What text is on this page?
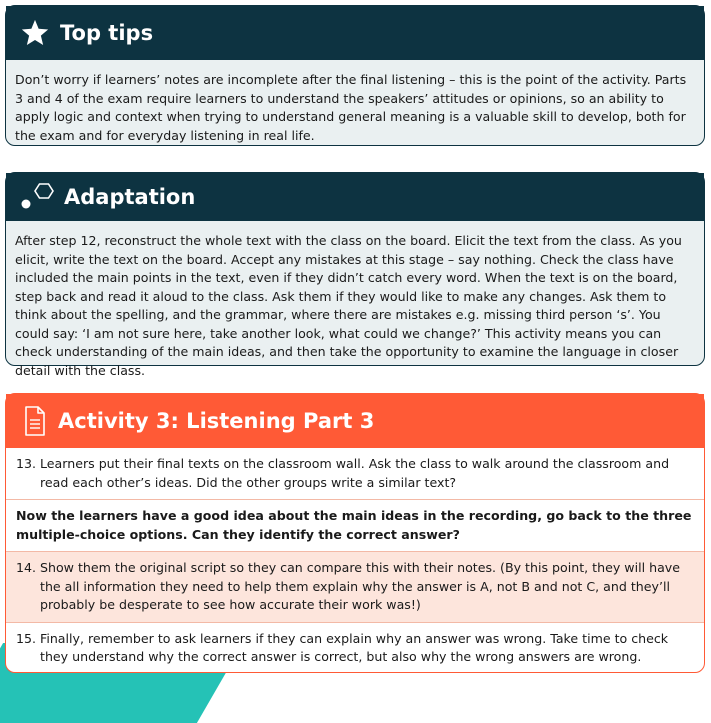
Top tips
Don’t worry if learners’ notes are incomplete after the final listening – this is the point of the activity. Parts 3 and 4 of the exam require learners to understand the speakers’ attitudes or opinions, so an ability to apply logic and context when trying to understand general meaning is a valuable skill to develop, both for the exam and for everyday listening in real life.
Adaptation
After step 12, reconstruct the whole text with the class on the board. Elicit the text from the class. As you elicit, write the text on the board. Accept any mistakes at this stage – say nothing. Check the class have included the main points in the text, even if they didn’t catch every word. When the text is on the board, step back and read it aloud to the class. Ask them if they would like to make any changes. Ask them to think about the spelling, and the grammar, where there are mistakes e.g. missing third person ‘s’. You could say: ‘I am not sure here, take another look, what could we change?’ This activity means you can check understanding of the main ideas, and then take the opportunity to examine the language in closer detail with the class.
Activity 3: Listening Part 3
13. Learners put their final texts on the classroom wall. Ask the class to walk around the classroom and read each other’s ideas. Did the other groups write a similar text?
Now the learners have a good idea about the main ideas in the recording, go back to the three multiple-choice options. Can they identify the correct answer?
14. Show them the original script so they can compare this with their notes. (By this point, they will have the all information they need to help them explain why the answer is A, not B and not C, and they’ll probably be desperate to see how accurate their work was!)
15. Finally, remember to ask learners if they can explain why an answer was wrong. Take time to check they understand why the correct answer is correct, but also why the wrong answers are wrong.
